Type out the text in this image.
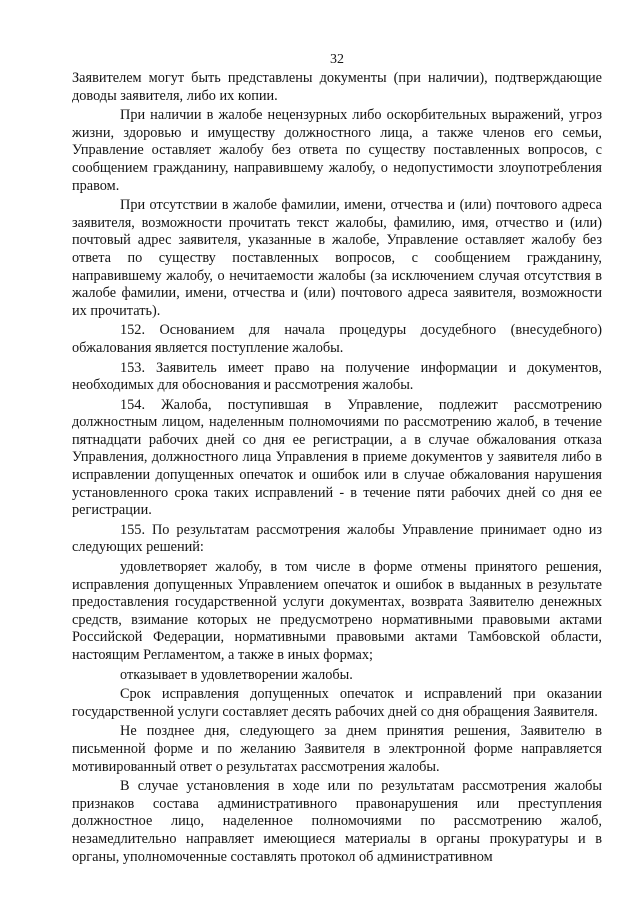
32

Заявителем могут быть представлены документы (при наличии), подтверждающие доводы заявителя, либо их копии.

При наличии в жалобе нецензурных либо оскорбительных выражений, угроз жизни, здоровью и имуществу должностного лица, а также членов его семьи, Управление оставляет жалобу без ответа по существу поставленных вопросов, с сообщением гражданину, направившему жалобу, о недопустимости злоупотребления правом.

При отсутствии в жалобе фамилии, имени, отчества и (или) почтового адреса заявителя, возможности прочитать текст жалобы, фамилию, имя, отчество и (или) почтовый адрес заявителя, указанные в жалобе, Управление оставляет жалобу без ответа по существу поставленных вопросов, с сообщением гражданину, направившему жалобу, о нечитаемости жалобы (за исключением случая отсутствия в жалобе фамилии, имени, отчества и (или) почтового адреса заявителя, возможности их прочитать).

152. Основанием для начала процедуры досудебного (внесудебного) обжалования является поступление жалобы.

153. Заявитель имеет право на получение информации и документов, необходимых для обоснования и рассмотрения жалобы.

154. Жалоба, поступившая в Управление, подлежит рассмотрению должностным лицом, наделенным полномочиями по рассмотрению жалоб, в течение пятнадцати рабочих дней со дня ее регистрации, а в случае обжалования отказа Управления, должностного лица Управления в приеме документов у заявителя либо в исправлении допущенных опечаток и ошибок или в случае обжалования нарушения установленного срока таких исправлений - в течение пяти рабочих дней со дня ее регистрации.

155. По результатам рассмотрения жалобы Управление принимает одно из следующих решений:

удовлетворяет жалобу, в том числе в форме отмены принятого решения, исправления допущенных Управлением опечаток и ошибок в выданных в результате предоставления государственной услуги документах, возврата Заявителю денежных средств, взимание которых не предусмотрено нормативными правовыми актами Российской Федерации, нормативными правовыми актами Тамбовской области, настоящим Регламентом, а также в иных формах;

отказывает в удовлетворении жалобы.

Срок исправления допущенных опечаток и исправлений при оказании государственной услуги составляет десять рабочих дней со дня обращения Заявителя.

Не позднее дня, следующего за днем принятия решения, Заявителю в письменной форме и по желанию Заявителя в электронной форме направляется мотивированный ответ о результатах рассмотрения жалобы.

В случае установления в ходе или по результатам рассмотрения жалобы признаков состава административного правонарушения или преступления должностное лицо, наделенное полномочиями по рассмотрению жалоб, незамедлительно направляет имеющиеся материалы в органы прокуратуры и в органы, уполномоченные составлять протокол об административном
